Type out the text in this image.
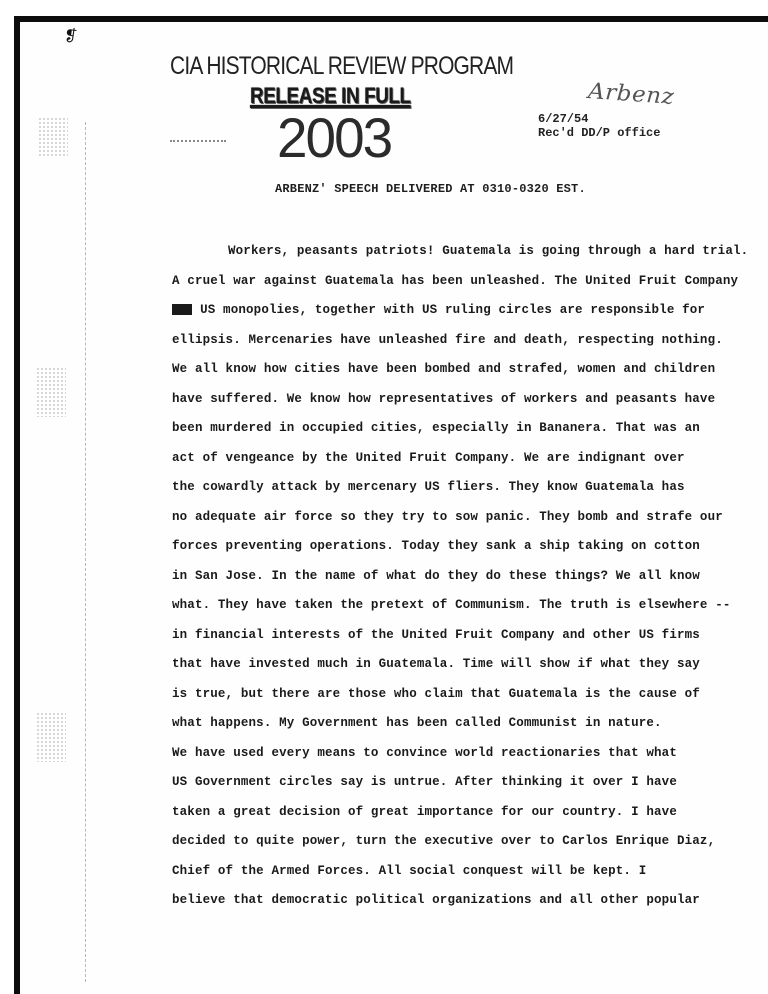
❡
CIA HISTORICAL REVIEW PROGRAM
RELEASE IN FULL
2003
Arbenz
6/27/54
Rec'd DD/P office
ARBENZ' SPEECH DELIVERED AT 0310-0320 EST.
Workers, peasants patriots! Guatemala is going through a hard trial.
A cruel war against Guatemala has been unleashed. The United Fruit Company
xxx US monopolies, together with US ruling circles are responsible for
ellipsis. Mercenaries have unleashed fire and death, respecting nothing.
We all know how cities have been bombed and strafed, women and children
have suffered. We know how representatives of workers and peasants have
been murdered in occupied cities, especially in Bananera. That was an
act of vengeance by the United Fruit Company. We are indignant over
the cowardly attack by mercenary US fliers. They know Guatemala has
no adequate air force so they try to sow panic. They bomb and strafe our
forces preventing operations. Today they sank a ship taking on cotton
in San Jose. In the name of what do they do these things? We all know
what. They have taken the pretext of Communism. The truth is elsewhere --
in financial interests of the United Fruit Company and other US firms
that have invested much in Guatemala. Time will show if what they say
is true, but there are those who claim that Guatemala is the cause of
what happens. My Government has been called Communist in nature.
We have used every means to convince world reactionaries that what
US Government circles say is untrue. After thinking it over I have
taken a great decision of great importance for our country. I have
decided to quite power, turn the executive over to Carlos Enrique Diaz,
Chief of the Armed Forces. All social conquest will be kept. I
believe that democratic political organizations and all other popular
